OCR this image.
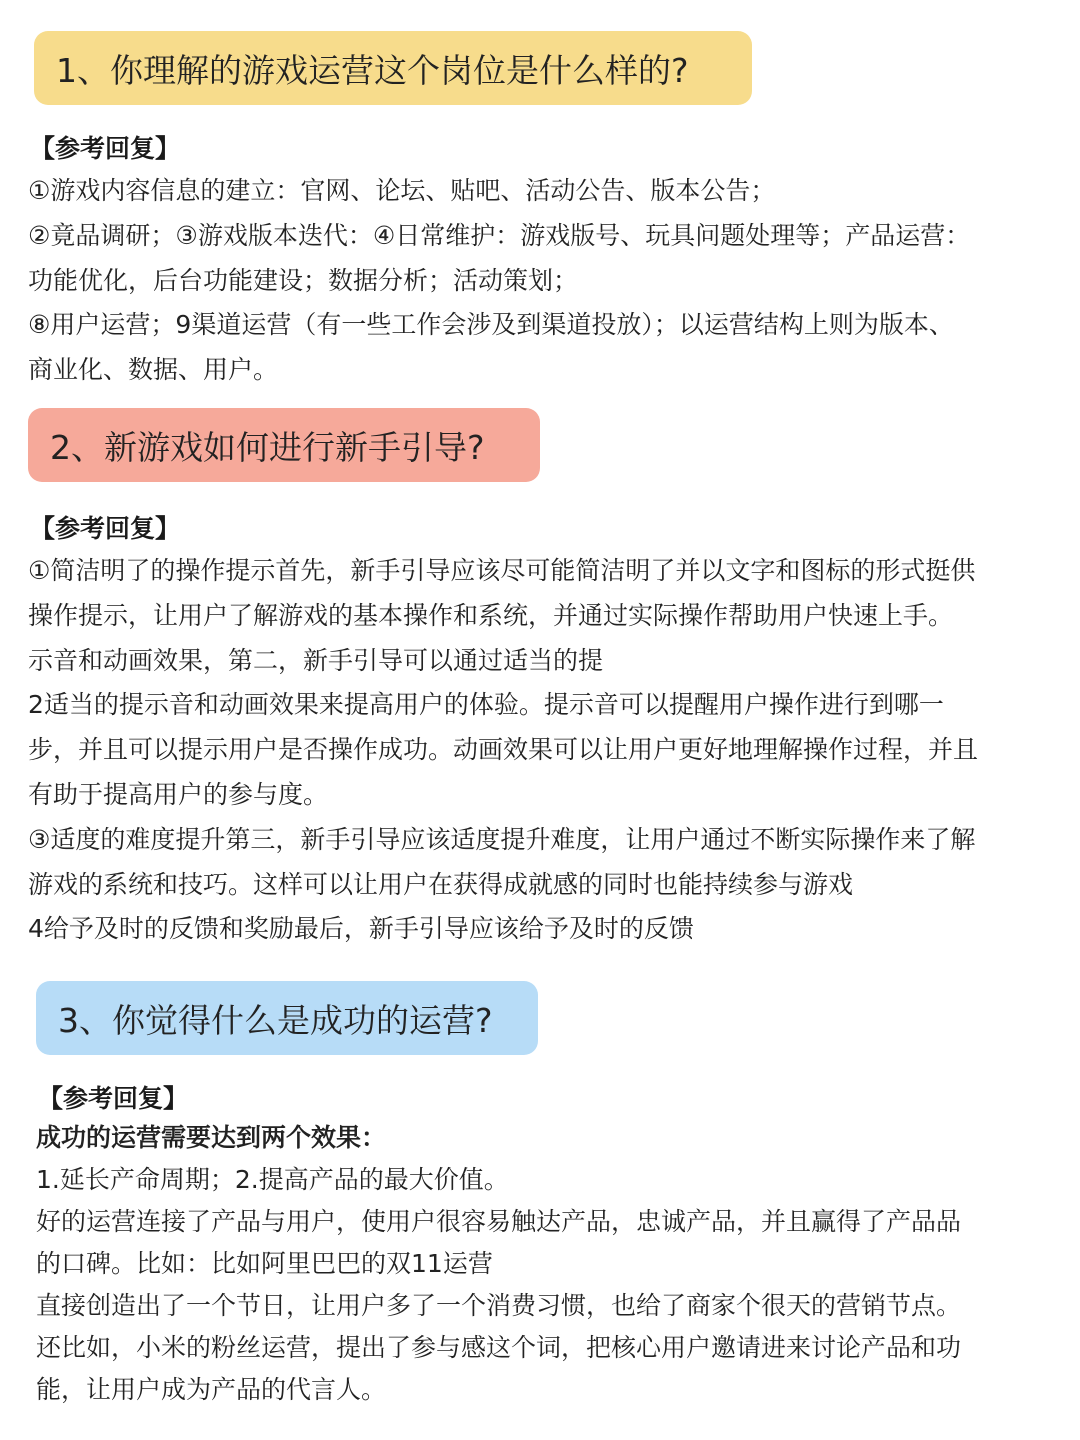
1、你理解的游戏运营这个岗位是什么样的?
【参考回复】
①游戏内容信息的建立：官网、论坛、贴吧、活动公告、版本公告；
②竟品调研；③游戏版本迭代：④日常维护：游戏版号、玩具问题处理等；产品运营：
功能优化，后台功能建设；数据分析；活动策划；
⑧用户运营；9渠道运营（有一些工作会涉及到渠道投放）；以运营结构上则为版本、
商业化、数据、用户。
2、新游戏如何进行新手引导?
【参考回复】
①简洁明了的操作提示首先，新手引导应该尽可能简洁明了并以文字和图标的形式挺供
操作提示，让用户了解游戏的基本操作和系统，并通过实际操作帮助用户快速上手。
示音和动画效果，第二，新手引导可以通过适当的提
2适当的提示音和动画效果来提高用户的体验。提示音可以提醒用户操作进行到哪一
步，并且可以提示用户是否操作成功。动画效果可以让用户更好地理解操作过程，并且
有助于提高用户的参与度。
③适度的难度提升第三，新手引导应该适度提升难度，让用户通过不断实际操作来了解
游戏的系统和技巧。这样可以让用户在获得成就感的同时也能持续参与游戏
4给予及时的反馈和奖励最后，新手引导应该给予及时的反馈
3、你觉得什么是成功的运营?
【参考回复】
成功的运营需要达到两个效果：
1.延长产命周期；2.提高产品的最大价值。
好的运营连接了产品与用户，使用户很容易触达产品，忠诚产品，并且赢得了产品品
的口碑。比如：比如阿里巴巴的双11运营
直接创造出了一个节日，让用户多了一个消费习惯，也给了商家个很天的营销节点。
还比如，小米的粉丝运营，提出了参与感这个词，把核心用户邀请进来讨论产品和功
能，让用户成为产品的代言人。
